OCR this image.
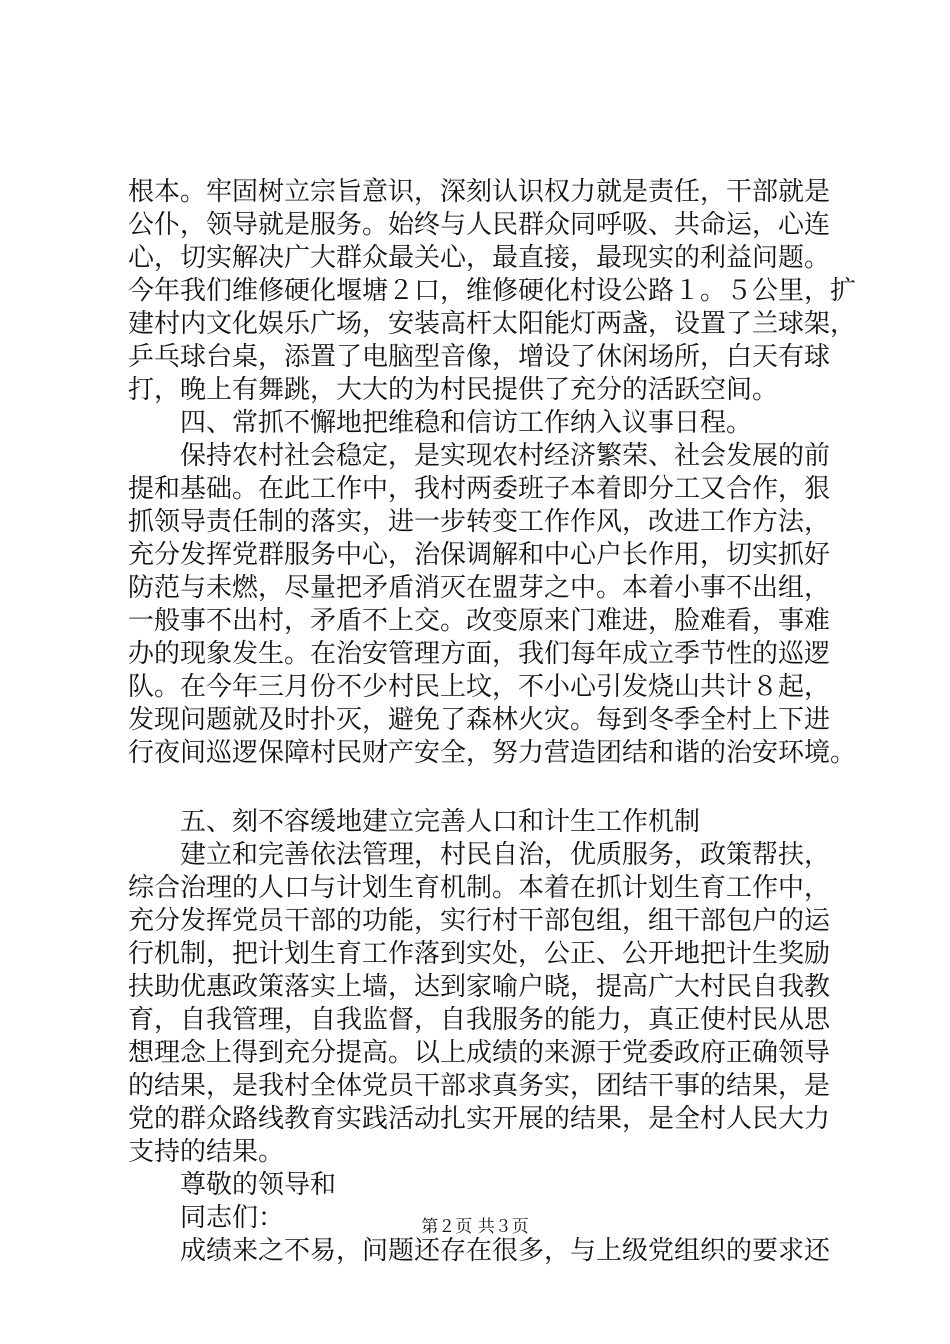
根本。牢固树立宗旨意识，深刻认识权力就是责任，干部就是
公仆，领导就是服务。始终与人民群众同呼吸、共命运，心连
心，切实解决广大群众最关心，最直接，最现实的利益问题。
今年我们维修硬化堰塘２口，维修硬化村设公路１。５公里，扩
建村内文化娱乐广场，安装高杆太阳能灯两盏，设置了兰球架，
乒乓球台桌，添置了电脑型音像，增设了休闲场所，白天有球
打，晚上有舞跳，大大的为村民提供了充分的活跃空间。
四、常抓不懈地把维稳和信访工作纳入议事日程。
保持农村社会稳定，是实现农村经济繁荣、社会发展的前
提和基础。在此工作中，我村两委班子本着即分工又合作，狠
抓领导责任制的落实，进一步转变工作作风，改进工作方法，
充分发挥党群服务中心，治保调解和中心户长作用，切实抓好
防范与未燃，尽量把矛盾消灭在盟芽之中。本着小事不出组，
一般事不出村，矛盾不上交。改变原来门难进，脸难看，事难
办的现象发生。在治安管理方面，我们每年成立季节性的巡逻
队。在今年三月份不少村民上坟，不小心引发烧山共计８起，
发现问题就及时扑灭，避免了森林火灾。每到冬季全村上下进
行夜间巡逻保障村民财产安全，努力营造团结和谐的治安环境。
五、刻不容缓地建立完善人口和计生工作机制
建立和完善依法管理，村民自治，优质服务，政策帮扶，
综合治理的人口与计划生育机制。本着在抓计划生育工作中，
充分发挥党员干部的功能，实行村干部包组，组干部包户的运
行机制，把计划生育工作落到实处，公正、公开地把计生奖励
扶助优惠政策落实上墙，达到家喻户晓，提高广大村民自我教
育，自我管理，自我监督，自我服务的能力，真正使村民从思
想理念上得到充分提高。以上成绩的来源于党委政府正确领导
的结果，是我村全体党员干部求真务实，团结干事的结果，是
党的群众路线教育实践活动扎实开展的结果，是全村人民大力
支持的结果。
尊敬的领导和
同志们：
成绩来之不易，问题还存在很多，与上级党组织的要求还
第２页 共３页
